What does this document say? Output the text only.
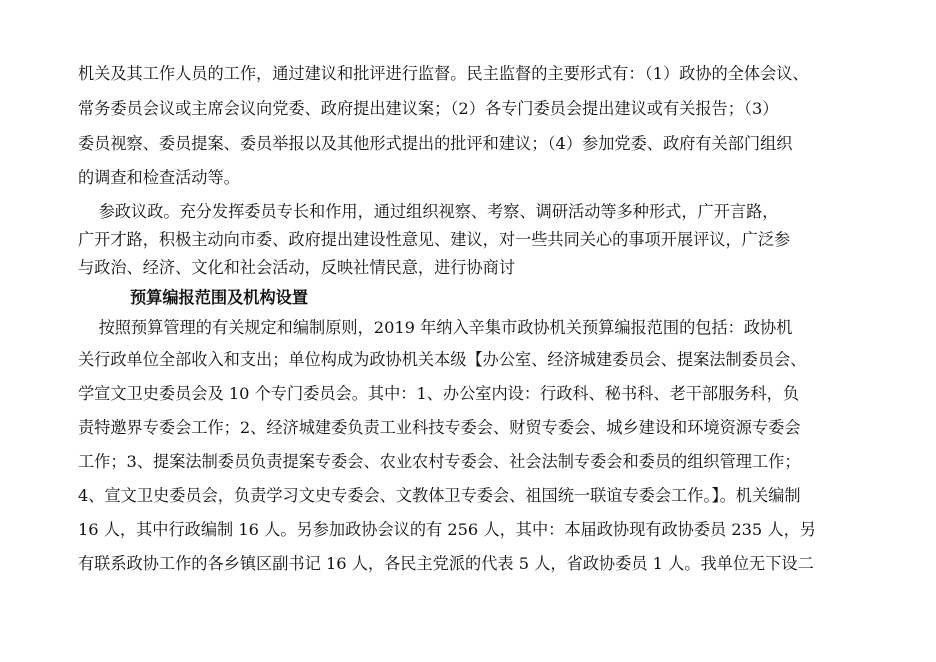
机关及其工作人员的工作，通过建议和批评进行监督。民主监督的主要形式有：（1）政协的全体会议、
常务委员会议或主席会议向党委、政府提出建议案；（2）各专门委员会提出建议或有关报告；（3）
委员视察、委员提案、委员举报以及其他形式提出的批评和建议；（4）参加党委、政府有关部门组织
的调查和检查活动等。
参政议政。充分发挥委员专长和作用，通过组织视察、考察、调研活动等多种形式，广开言路，
广开才路，积极主动向市委、政府提出建设性意见、建议，对一些共同关心的事项开展评议，广泛参
与政治、经济、文化和社会活动，反映社情民意，进行协商讨
预算编报范围及机构设置
按照预算管理的有关规定和编制原则，2019 年纳入辛集市政协机关预算编报范围的包括：政协机
关行政单位全部收入和支出；单位构成为政协机关本级【办公室、经济城建委员会、提案法制委员会、
学宣文卫史委员会及 10 个专门委员会。其中：1、办公室内设：行政科、秘书科、老干部服务科，负
责特邀界专委会工作；2、经济城建委负责工业科技专委会、财贸专委会、城乡建设和环境资源专委会
工作；3、提案法制委员负责提案专委会、农业农村专委会、社会法制专委会和委员的组织管理工作；
4、宣文卫史委员会，负责学习文史专委会、文教体卫专委会、祖国统一联谊专委会工作。】。机关编制
16 人，其中行政编制 16 人。另参加政协会议的有 256 人，其中：本届政协现有政协委员 235 人，另
有联系政协工作的各乡镇区副书记 16 人，各民主党派的代表 5 人，省政协委员 1 人。我单位无下设二
